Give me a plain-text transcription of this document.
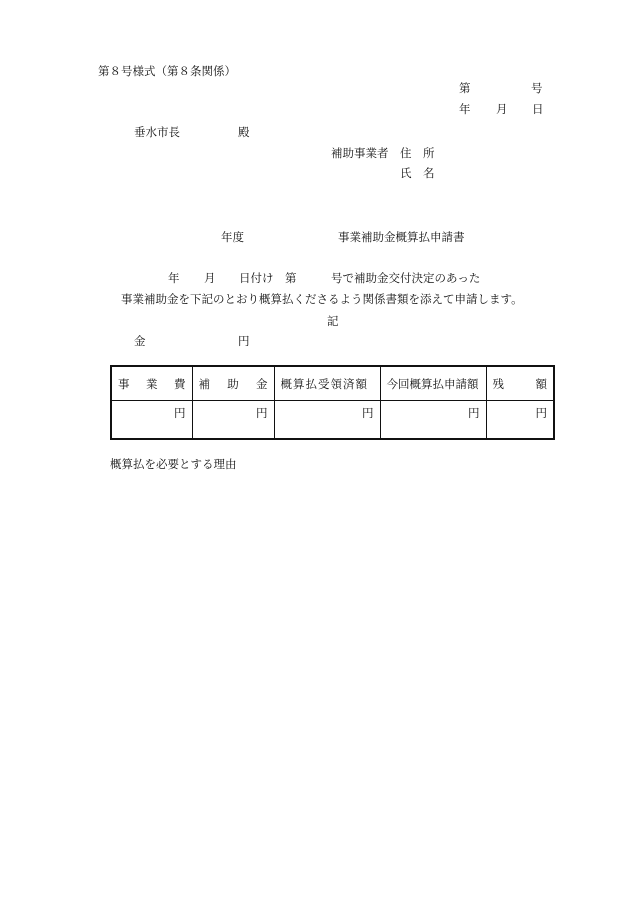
第８号様式（第８条関係）
第	号
年 月 日
垂水市長	殿
補助事業者 住　所
氏　名
年度	事業補助金概算払申請書
年 月 日付け 第	号で補助金交付決定のあった
事業補助金を下記のとおり概算払くださるよう関係書類を添えて申請します。
記
金	円
事 業 費	補 助 金	概算払受領済額	今回概算払申請額	残 額

円	円	円	円	円
概算払を必要とする理由
